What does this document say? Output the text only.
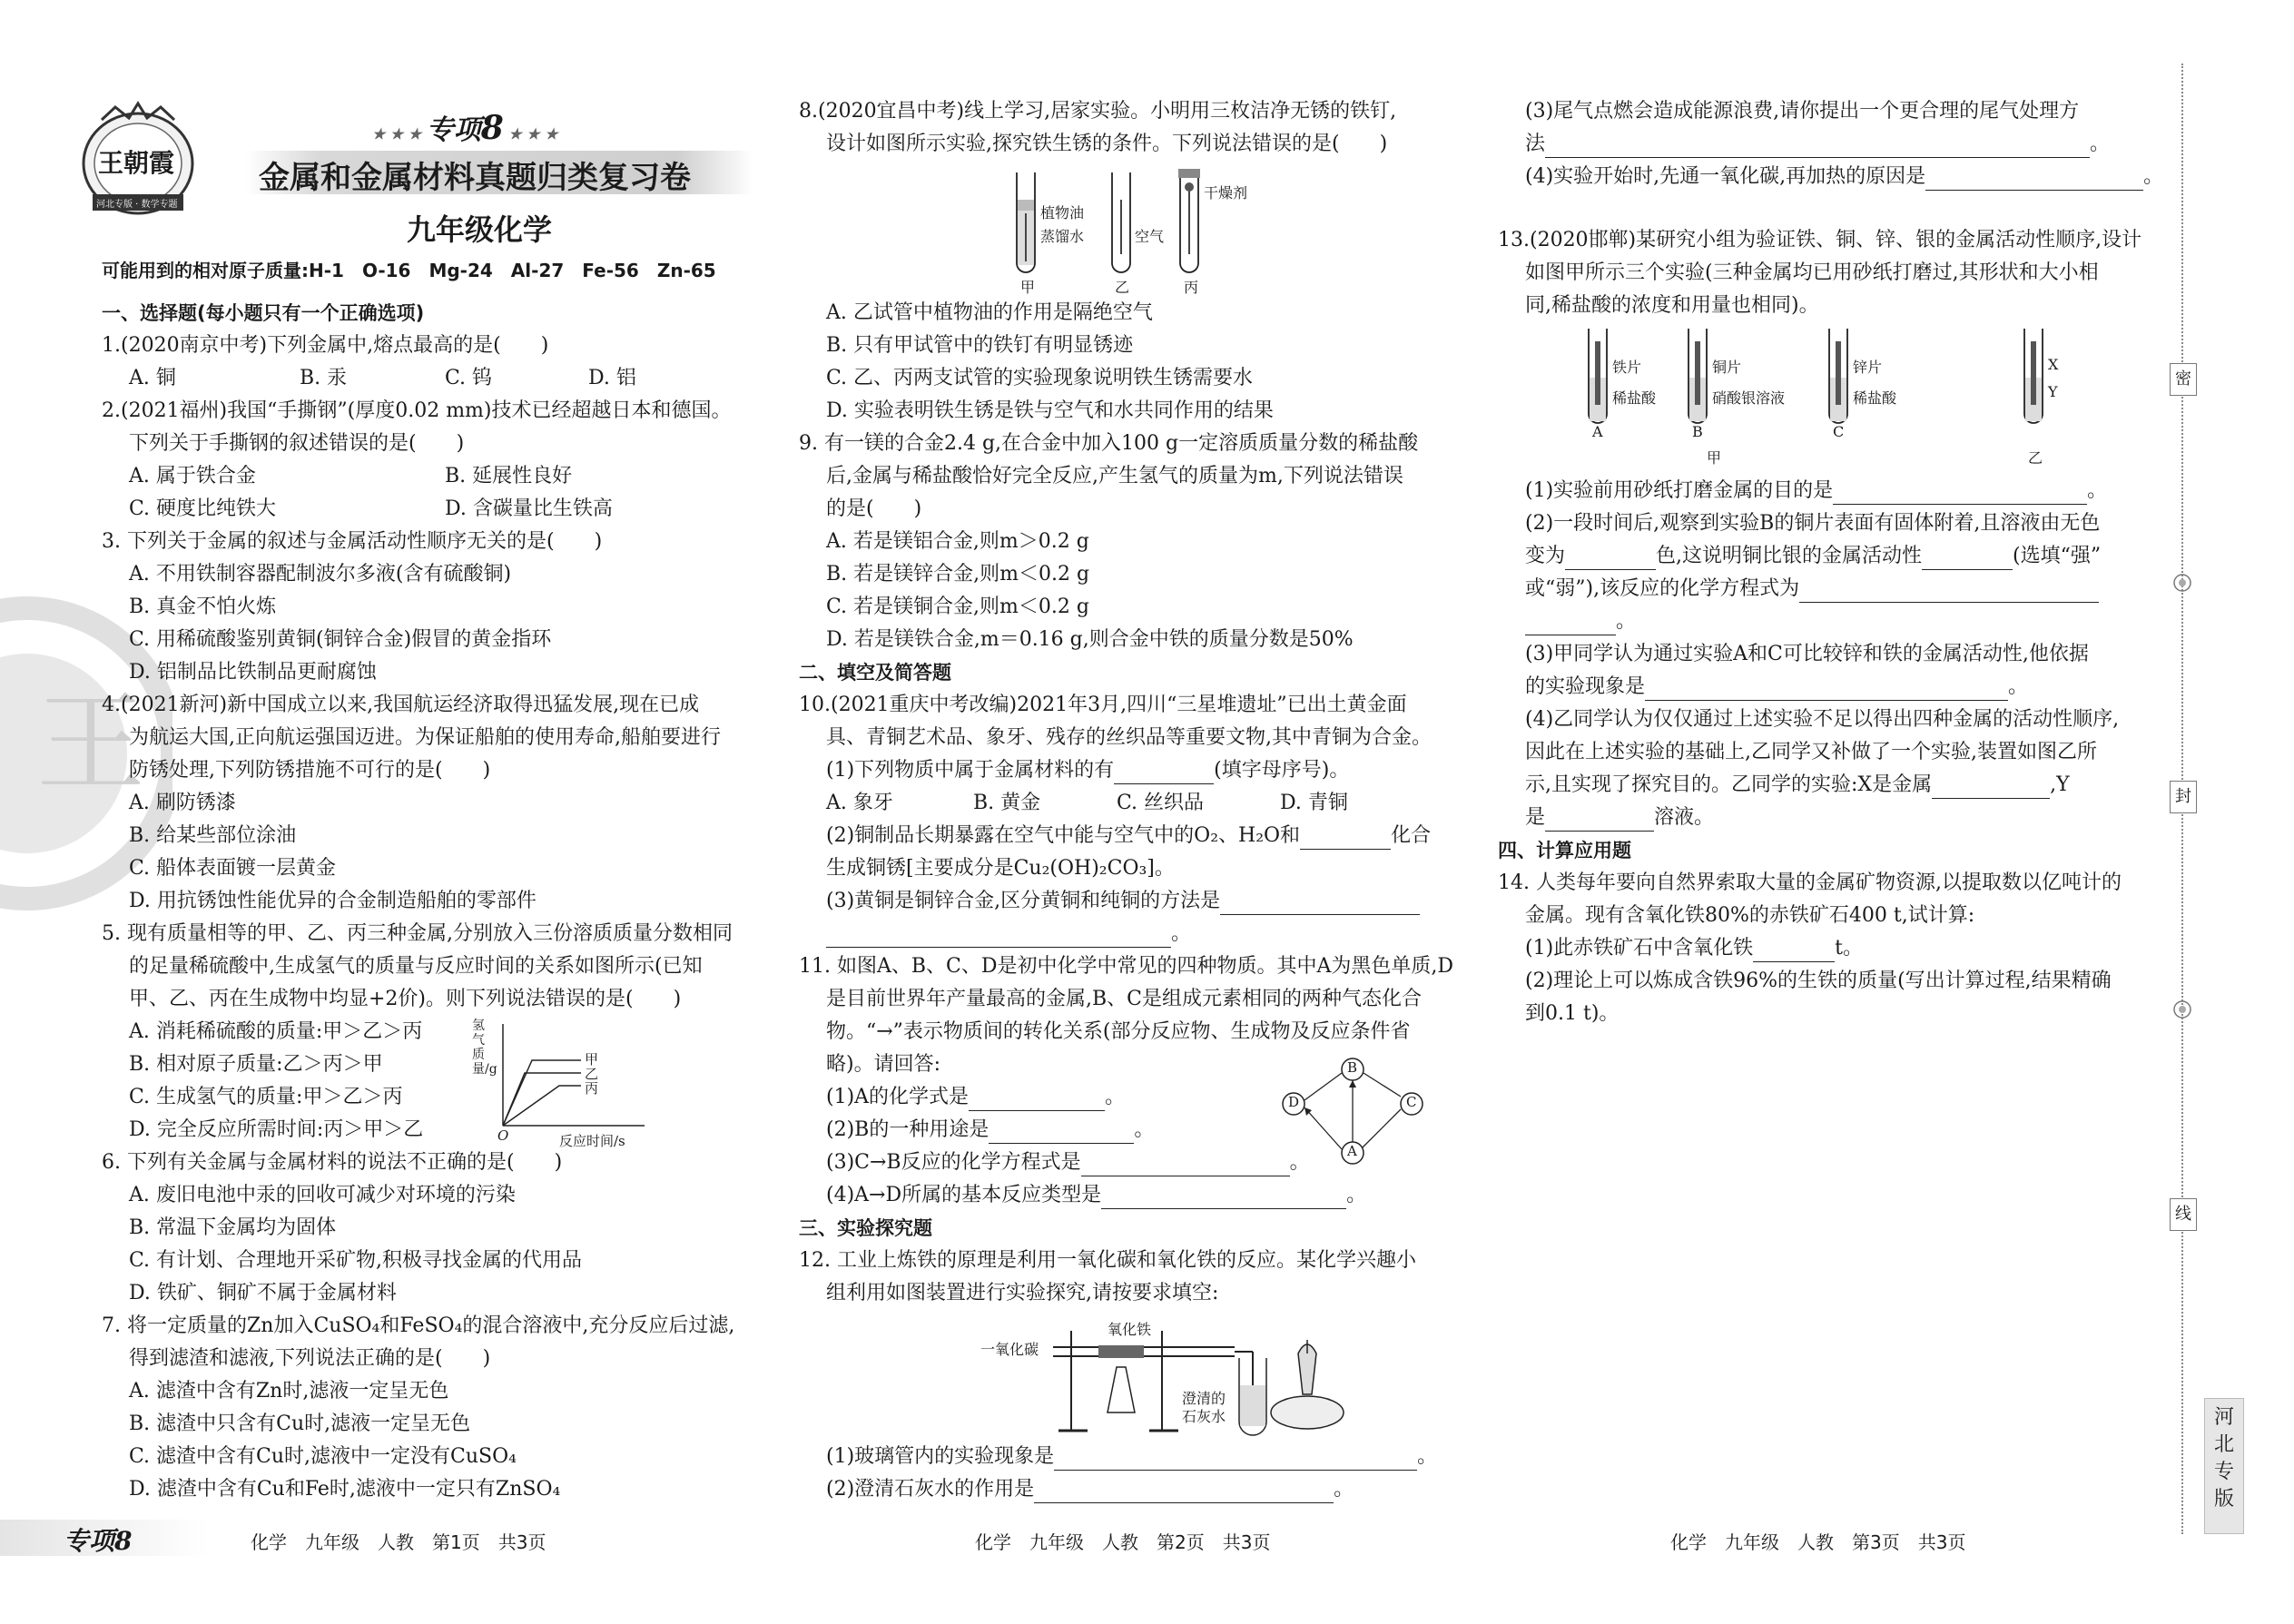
王
王朝霞
河北专版 · 数学专题
★ ★ ★ 专项8 ★ ★ ★
金属和金属材料真题归类复习卷
九年级化学
可能用到的相对原子质量:H-1　O-16　Mg-24　Al-27　Fe-56　Zn-65
一、选择题(每小题只有一个正确选项)
1.(2020南京中考)下列金属中,熔点最高的是(　　)
A. 铜	B. 汞	C. 钨	D. 铝
2.(2021福州)我国“手撕钢”(厚度0.02 mm)技术已经超越日本和德国。
下列关于手撕钢的叙述错误的是(　　)
A. 属于铁合金	B. 延展性良好
C. 硬度比纯铁大	D. 含碳量比生铁高
3. 下列关于金属的叙述与金属活动性顺序无关的是(　　)
A. 不用铁制容器配制波尔多液(含有硫酸铜)
B. 真金不怕火炼
C. 用稀硫酸鉴别黄铜(铜锌合金)假冒的黄金指环
D. 铝制品比铁制品更耐腐蚀
4.(2021新河)新中国成立以来,我国航运经济取得迅猛发展,现在已成
为航运大国,正向航运强国迈进。为保证船舶的使用寿命,船舶要进行
防锈处理,下列防锈措施不可行的是(　　)
A. 刷防锈漆
B. 给某些部位涂油
C. 船体表面镀一层黄金
D. 用抗锈蚀性能优异的合金制造船舶的零部件
5. 现有质量相等的甲、乙、丙三种金属,分别放入三份溶质质量分数相同
的足量稀硫酸中,生成氢气的质量与反应时间的关系如图所示(已知
甲、乙、丙在生成物中均显+2价)。则下列说法错误的是(　　)
A. 消耗稀硫酸的质量:甲＞乙＞丙
B. 相对原子质量:乙＞丙＞甲
C. 生成氢气的质量:甲＞乙＞丙
D. 完全反应所需时间:丙＞甲＞乙
氢气质量/g
O	反应时间/s
甲
乙
丙
6. 下列有关金属与金属材料的说法不正确的是(　　)
A. 废旧电池中汞的回收可减少对环境的污染
B. 常温下金属均为固体
C. 有计划、合理地开采矿物,积极寻找金属的代用品
D. 铁矿、铜矿不属于金属材料
7. 将一定质量的Zn加入CuSO₄和FeSO₄的混合溶液中,充分反应后过滤,
得到滤渣和滤液,下列说法正确的是(　　)
A. 滤渣中含有Zn时,滤液一定呈无色
B. 滤渣中只含有Cu时,滤液一定呈无色
C. 滤渣中含有Cu时,滤液中一定没有CuSO₄
D. 滤渣中含有Cu和Fe时,滤液中一定只有ZnSO₄
8.(2020宜昌中考)线上学习,居家实验。小明用三枚洁净无锈的铁钉,
设计如图所示实验,探究铁生锈的条件。下列说法错误的是(　　)
植物油
蒸馏水	空气
干燥剂
甲	乙	丙
A. 乙试管中植物油的作用是隔绝空气
B. 只有甲试管中的铁钉有明显锈迹
C. 乙、丙两支试管的实验现象说明铁生锈需要水
D. 实验表明铁生锈是铁与空气和水共同作用的结果
9. 有一镁的合金2.4 g,在合金中加入100 g一定溶质质量分数的稀盐酸
后,金属与稀盐酸恰好完全反应,产生氢气的质量为m,下列说法错误
的是(　　)
A. 若是镁铝合金,则m＞0.2 g
B. 若是镁锌合金,则m＜0.2 g
C. 若是镁铜合金,则m＜0.2 g
D. 若是镁铁合金,m＝0.16 g,则合金中铁的质量分数是50%
二、填空及简答题
10.(2021重庆中考改编)2021年3月,四川“三星堆遗址”已出土黄金面
具、青铜艺术品、象牙、残存的丝织品等重要文物,其中青铜为合金。
(1)下列物质中属于金属材料的有	(填字母序号)。
A. 象牙	B. 黄金	C. 丝织品	D. 青铜
(2)铜制品长期暴露在空气中能与空气中的O₂、H₂O和	化合
生成铜锈[主要成分是Cu₂(OH)₂CO₃]。
(3)黄铜是铜锌合金,区分黄铜和纯铜的方法是
。
11. 如图A、B、C、D是初中化学中常见的四种物质。其中A为黑色单质,D
是目前世界年产量最高的金属,B、C是组成元素相同的两种气态化合
物。“→”表示物质间的转化关系(部分反应物、生成物及反应条件省
略)。请回答:
(1)A的化学式是	。
(2)B的一种用途是	。
(3)C→B反应的化学方程式是	。
(4)A→D所属的基本反应类型是	。
B
C
A
D
三、实验探究题
12. 工业上炼铁的原理是利用一氧化碳和氧化铁的反应。某化学兴趣小
组利用如图装置进行实验探究,请按要求填空:
一氧化碳
氧化铁
澄清的
石灰水
(1)玻璃管内的实验现象是	。
(2)澄清石灰水的作用是	。
(3)尾气点燃会造成能源浪费,请你提出一个更合理的尾气处理方
法	。
(4)实验开始时,先通一氧化碳,再加热的原因是	。
13.(2020邯郸)某研究小组为验证铁、铜、锌、银的金属活动性顺序,设计
如图甲所示三个实验(三种金属均已用砂纸打磨过,其形状和大小相
同,稀盐酸的浓度和用量也相同)。
铁片
稀盐酸
铜片
硝酸银溶液
锌片
稀盐酸
X
Y
A	B	C
甲	乙
(1)实验前用砂纸打磨金属的目的是	。
(2)一段时间后,观察到实验B的铜片表面有固体附着,且溶液由无色
变为	色,这说明铜比银的金属活动性	(选填“强”
或“弱”),该反应的化学方程式为
。
(3)甲同学认为通过实验A和C可比较锌和铁的金属活动性,他依据
的实验现象是	。
(4)乙同学认为仅仅通过上述实验不足以得出四种金属的活动性顺序,
因此在上述实验的基础上,乙同学又补做了一个实验,装置如图乙所
示,且实现了探究目的。乙同学的实验:X是金属	,Y
是	溶液。
四、计算应用题
14. 人类每年要向自然界索取大量的金属矿物资源,以提取数以亿吨计的
金属。现有含氧化铁80%的赤铁矿石400 t,试计算:
(1)此赤铁矿石中含氧化铁	t。
(2)理论上可以炼成含铁96%的生铁的质量(写出计算过程,结果精确
到0.1 t)。
密
封
线
河北专版
专项8	化学　九年级　人教　第1页　共3页	化学　九年级　人教　第2页　共3页	化学　九年级　人教　第3页　共3页
